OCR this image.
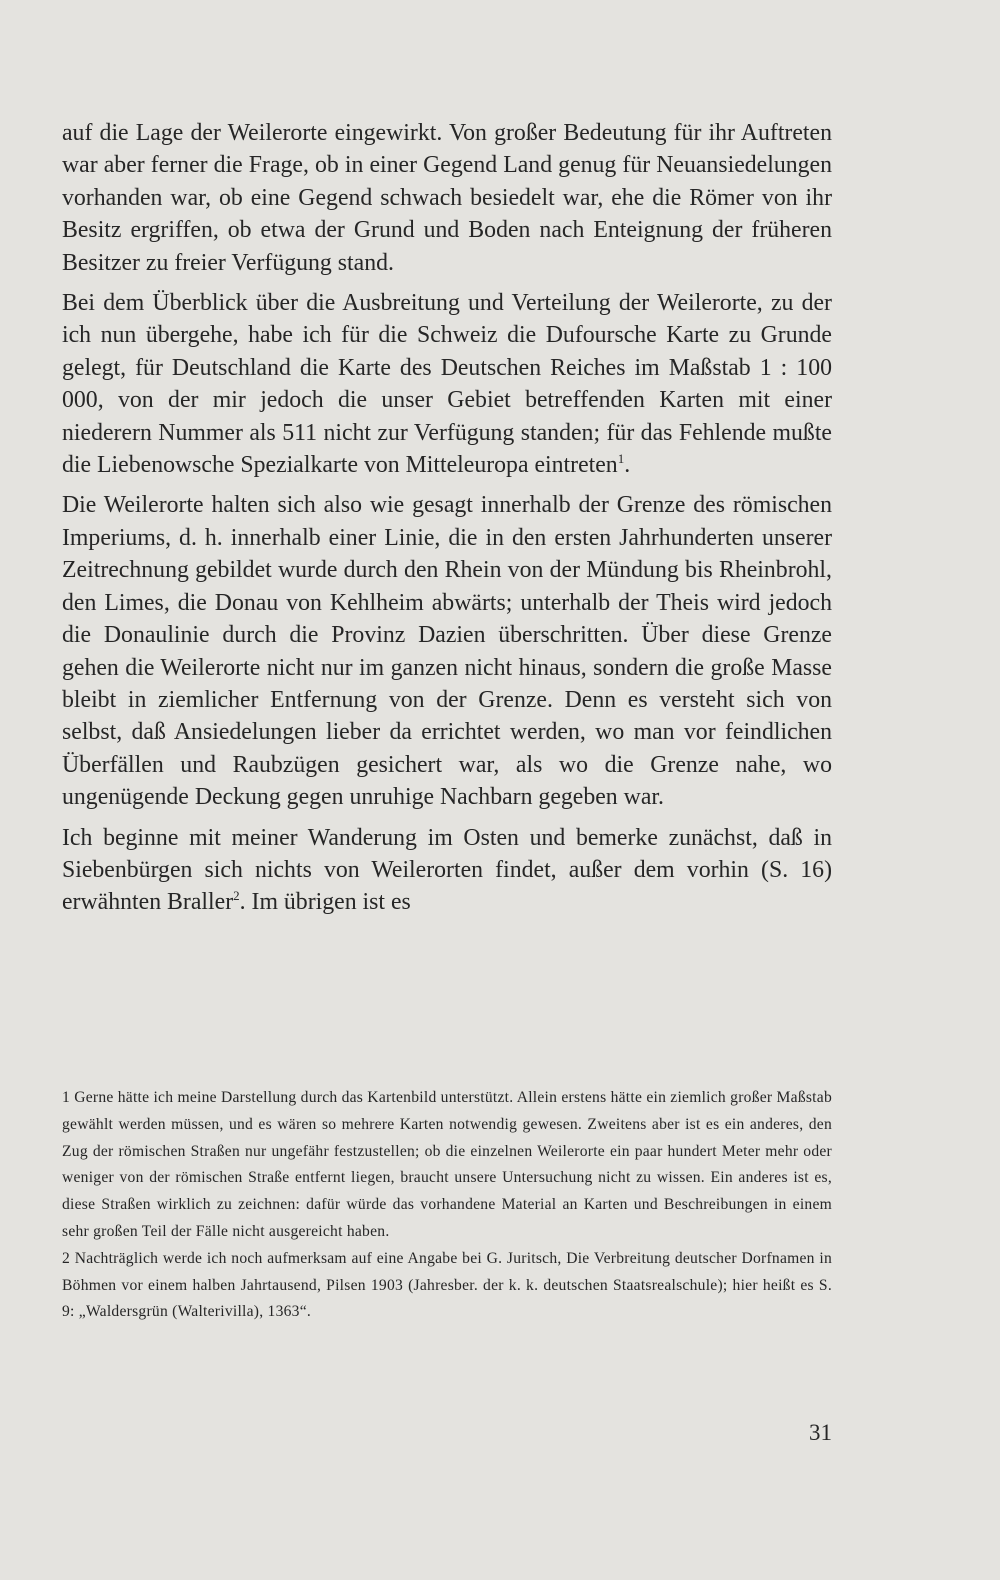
auf die Lage der Weilerorte eingewirkt. Von großer Bedeutung für ihr Auftreten war aber ferner die Frage, ob in einer Gegend Land genug für Neuansiedelungen vorhanden war, ob eine Gegend schwach besiedelt war, ehe die Römer von ihr Besitz ergriffen, ob etwa der Grund und Boden nach Enteignung der früheren Besitzer zu freier Verfügung stand.

Bei dem Überblick über die Ausbreitung und Verteilung der Weilerorte, zu der ich nun übergehe, habe ich für die Schweiz die Dufoursche Karte zu Grunde gelegt, für Deutschland die Karte des Deutschen Reiches im Maßstab 1 : 100 000, von der mir jedoch die unser Gebiet betreffenden Karten mit einer niederern Nummer als 511 nicht zur Verfügung standen; für das Fehlende mußte die Liebenowsche Spezialkarte von Mitteleuropa eintreten$^1$.

Die Weilerorte halten sich also wie gesagt innerhalb der Grenze des römischen Imperiums, d. h. innerhalb einer Linie, die in den ersten Jahrhunderten unserer Zeitrechnung gebildet wurde durch den Rhein von der Mündung bis Rheinbrohl, den Limes, die Donau von Kehlheim abwärts; unterhalb der Theis wird jedoch die Donaulinie durch die Provinz Dazien überschritten. Über diese Grenze gehen die Weilerorte nicht nur im ganzen nicht hinaus, sondern die große Masse bleibt in ziemlicher Entfernung von der Grenze. Denn es versteht sich von selbst, daß Ansiedelungen lieber da errichtet werden, wo man vor feindlichen Überfällen und Raubzügen gesichert war, als wo die Grenze nahe, wo ungenügende Deckung gegen unruhige Nachbarn gegeben war.

Ich beginne mit meiner Wanderung im Osten und bemerke zunächst, daß in Siebenbürgen sich nichts von Weilerorten findet, außer dem vorhin (S. 16) erwähnten Braller$^2$. Im übrigen ist es

1 Gerne hätte ich meine Darstellung durch das Kartenbild unterstützt. Allein erstens hätte ein ziemlich großer Maßstab gewählt werden müssen, und es wären so mehrere Karten notwendig gewesen. Zweitens aber ist es ein anderes, den Zug der römischen Straßen nur ungefähr festzustellen; ob die einzelnen Weilerorte ein paar hundert Meter mehr oder weniger von der römischen Straße entfernt liegen, braucht unsere Untersuchung nicht zu wissen. Ein anderes ist es, diese Straßen wirklich zu zeichnen: dafür würde das vorhandene Material an Karten und Beschreibungen in einem sehr großen Teil der Fälle nicht ausgereicht haben.

2 Nachträglich werde ich noch aufmerksam auf eine Angabe bei G. Juritsch, Die Verbreitung deutscher Dorfnamen in Böhmen vor einem halben Jahrtausend, Pilsen 1903 (Jahresber. der k. k. deutschen Staatsrealschule); hier heißt es S. 9: „Waldersgrün (Walterivilla), 1363“.

31
